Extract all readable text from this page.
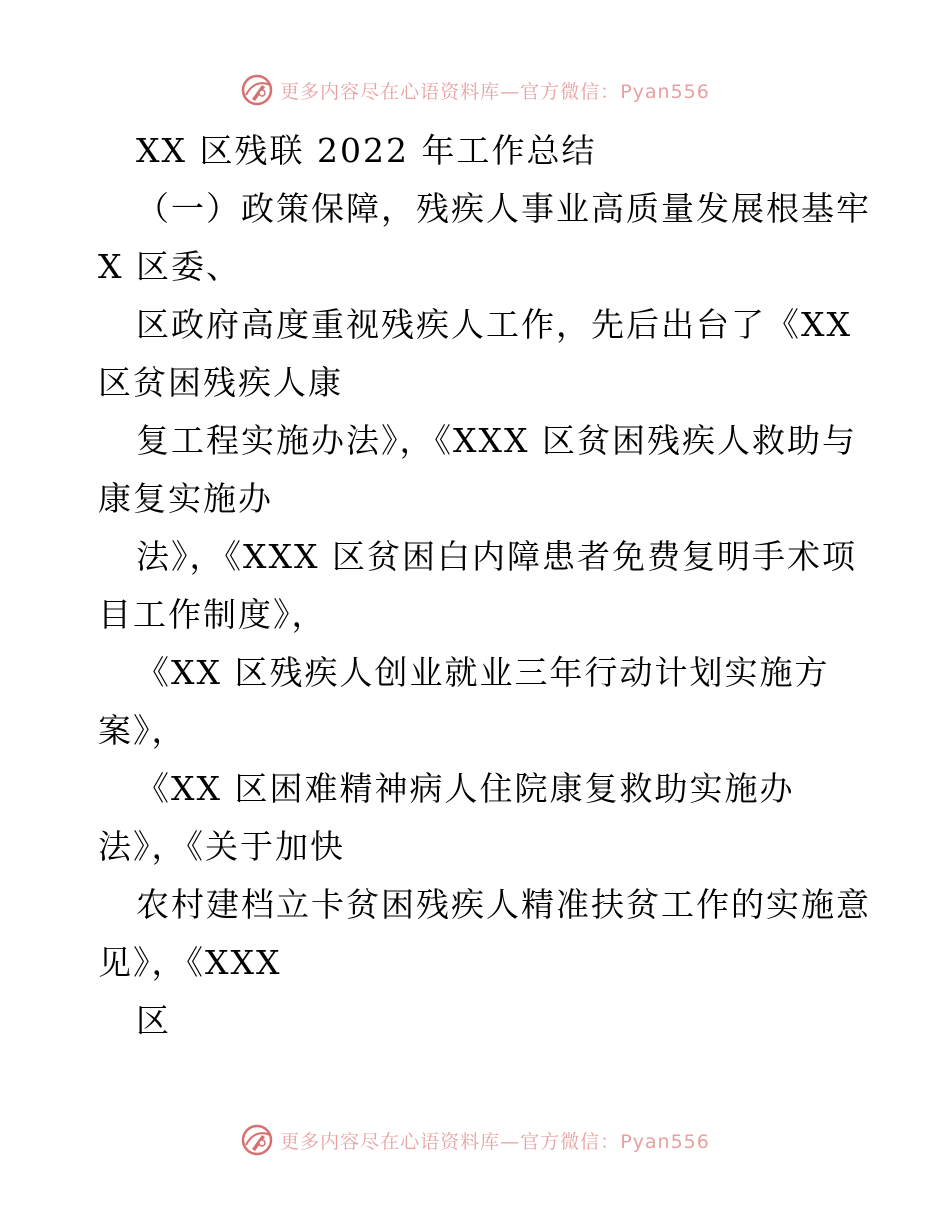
更多内容尽在心语资料库—官方微信：Pyan556
XX 区残联 2022 年工作总结
（一）政策保障，残疾人事业高质量发展根基牢
X 区委、
区政府高度重视残疾人工作，先后出台了《XX
区贫困残疾人康
复工程实施办法》，《XXX 区贫困残疾人救助与
康复实施办
法》，《XXX 区贫困白内障患者免费复明手术项
目工作制度》，
《XX 区残疾人创业就业三年行动计划实施方
案》，
《XX 区困难精神病人住院康复救助实施办
法》，《关于加快
农村建档立卡贫困残疾人精准扶贫工作的实施意
见》，《XXX
区
更多内容尽在心语资料库—官方微信：Pyan556
